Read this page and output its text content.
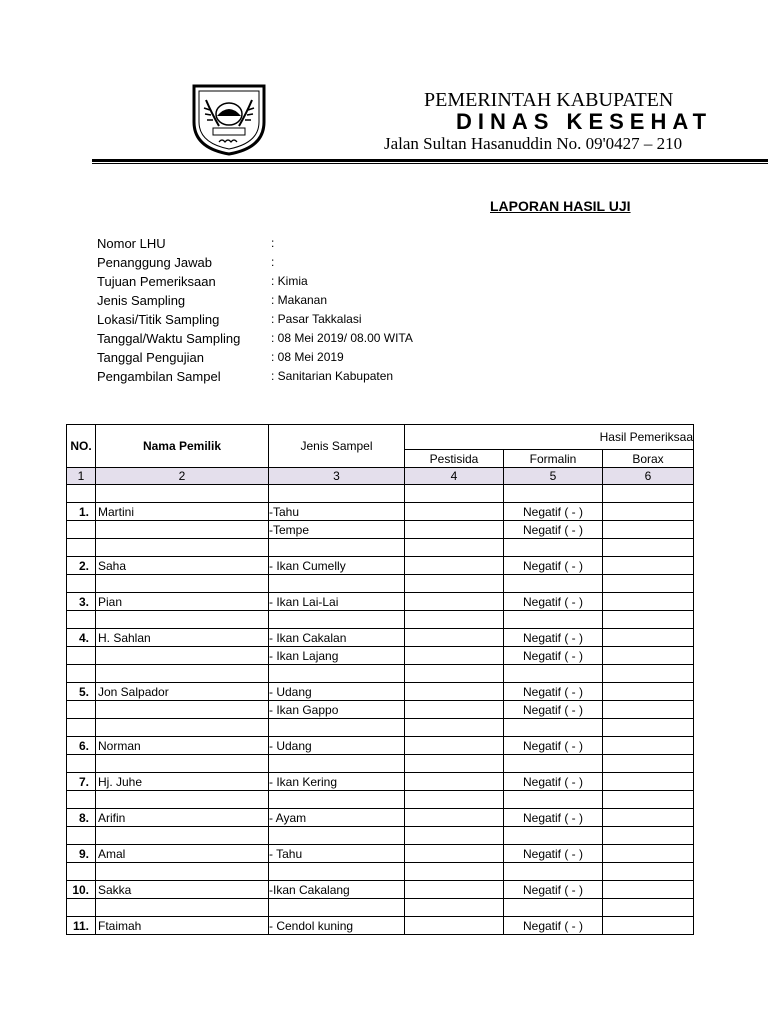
PEMERINTAH KABUPATEN
DINAS KESEHAT
Jalan Sultan Hasanuddin No. 09'0427 – 210
LAPORAN HASIL UJI
Nomor LHU	:
Penanggung Jawab	:
Tujuan Pemeriksaan	: Kimia
Jenis Sampling	: Makanan
Lokasi/Titik Sampling	: Pasar Takkalasi
Tanggal/Waktu Sampling	: 08 Mei 2019/ 08.00 WITA
Tanggal Pengujian	: 08 Mei 2019
Pengambilan Sampel	: Sanitarian Kabupaten
NO.	Nama Pemilik	Jenis Sampel	Hasil Pemeriksaa		
			Pestisida	Formalin	Borax
1	2	3	4	5	6

1.	Martini	-Tahu		Negatif ( - )	
		-Tempe		Negatif ( - )	

2.	Saha	- Ikan Cumelly		Negatif ( - )	

3.	Pian	- Ikan Lai-Lai		Negatif ( - )	

4.	H. Sahlan	- Ikan Cakalan		Negatif ( - )	
		- Ikan Lajang		Negatif ( - )	

5.	Jon Salpador	- Udang		Negatif ( - )	
		- Ikan Gappo		Negatif ( - )	

6.	Norman	- Udang		Negatif ( - )	

7.	Hj. Juhe	- Ikan Kering		Negatif ( - )	

8.	Arifin	- Ayam		Negatif ( - )	

9.	Amal	- Tahu		Negatif ( - )	

10.	Sakka	-Ikan Cakalang		Negatif ( - )	

11.	Ftaimah	- Cendol kuning		Negatif ( - )	
